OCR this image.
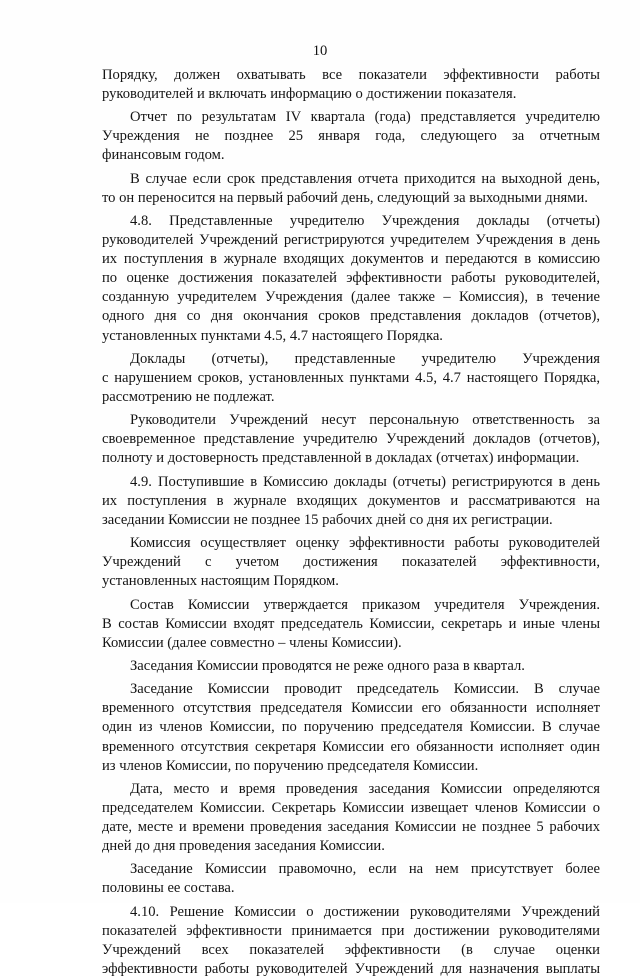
10
Порядку, должен охватывать все показатели эффективности работы
руководителей и включать информацию о достижении показателя.
Отчет по результатам IV квартала (года) представляется учредителю
Учреждения не позднее 25 января года, следующего за отчетным
финансовым годом.
В случае если срок представления отчета приходится на выходной день,
то он переносится на первый рабочий день, следующий за выходными днями.
4.8. Представленные учредителю Учреждения доклады (отчеты)
руководителей Учреждений регистрируются учредителем Учреждения в день
их поступления в журнале входящих документов и передаются в комиссию
по оценке достижения показателей эффективности работы руководителей,
созданную учредителем Учреждения (далее также – Комиссия), в течение
одного дня со дня окончания сроков представления докладов (отчетов),
установленных пунктами 4.5, 4.7 настоящего Порядка.
Доклады (отчеты), представленные учредителю Учреждения
с нарушением сроков, установленных пунктами 4.5, 4.7 настоящего Порядка,
рассмотрению не подлежат.
Руководители Учреждений несут персональную ответственность за
своевременное представление учредителю Учреждений докладов (отчетов),
полноту и достоверность представленной в докладах (отчетах) информации.
4.9. Поступившие в Комиссию доклады (отчеты) регистрируются в день
их поступления в журнале входящих документов и рассматриваются на
заседании Комиссии не позднее 15 рабочих дней со дня их регистрации.
Комиссия осуществляет оценку эффективности работы руководителей
Учреждений с учетом достижения показателей эффективности,
установленных настоящим Порядком.
Состав Комиссии утверждается приказом учредителя Учреждения.
В состав Комиссии входят председатель Комиссии, секретарь и иные члены
Комиссии (далее совместно – члены Комиссии).
Заседания Комиссии проводятся не реже одного раза в квартал.
Заседание Комиссии проводит председатель Комиссии. В случае
временного отсутствия председателя Комиссии его обязанности исполняет
один из членов Комиссии, по поручению председателя Комиссии. В случае
временного отсутствия секретаря Комиссии его обязанности исполняет один
из членов Комиссии, по поручению председателя Комиссии.
Дата, место и время проведения заседания Комиссии определяются
председателем Комиссии. Секретарь Комиссии извещает членов Комиссии о
дате, месте и времени проведения заседания Комиссии не позднее 5 рабочих
дней до дня проведения заседания Комиссии.
Заседание Комиссии правомочно, если на нем присутствует более
половины ее состава.
4.10. Решение Комиссии о достижении руководителями Учреждений
показателей эффективности принимается при достижении руководителями
Учреждений всех показателей эффективности (в случае оценки
эффективности работы руководителей Учреждений для назначения выплаты
